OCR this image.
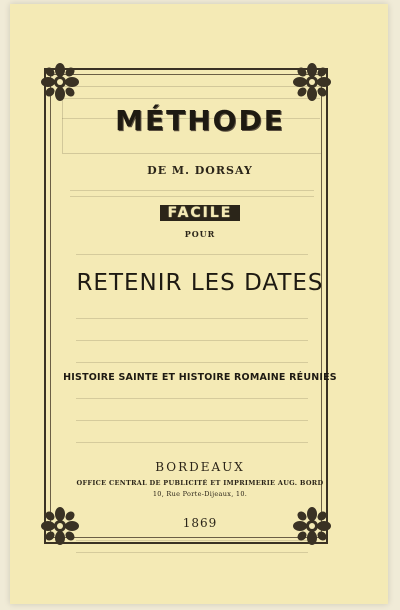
MÉTHODE
DE M. DORSAY
FACILE
POUR
RETENIR LES DATES
HISTOIRE SAINTE ET HISTOIRE ROMAINE RÉUNIES
BORDEAUX
OFFICE CENTRAL DE PUBLICITÉ ET IMPRIMERIE AUG. BORD
10, Rue Porte-Dijeaux, 10.
1869
